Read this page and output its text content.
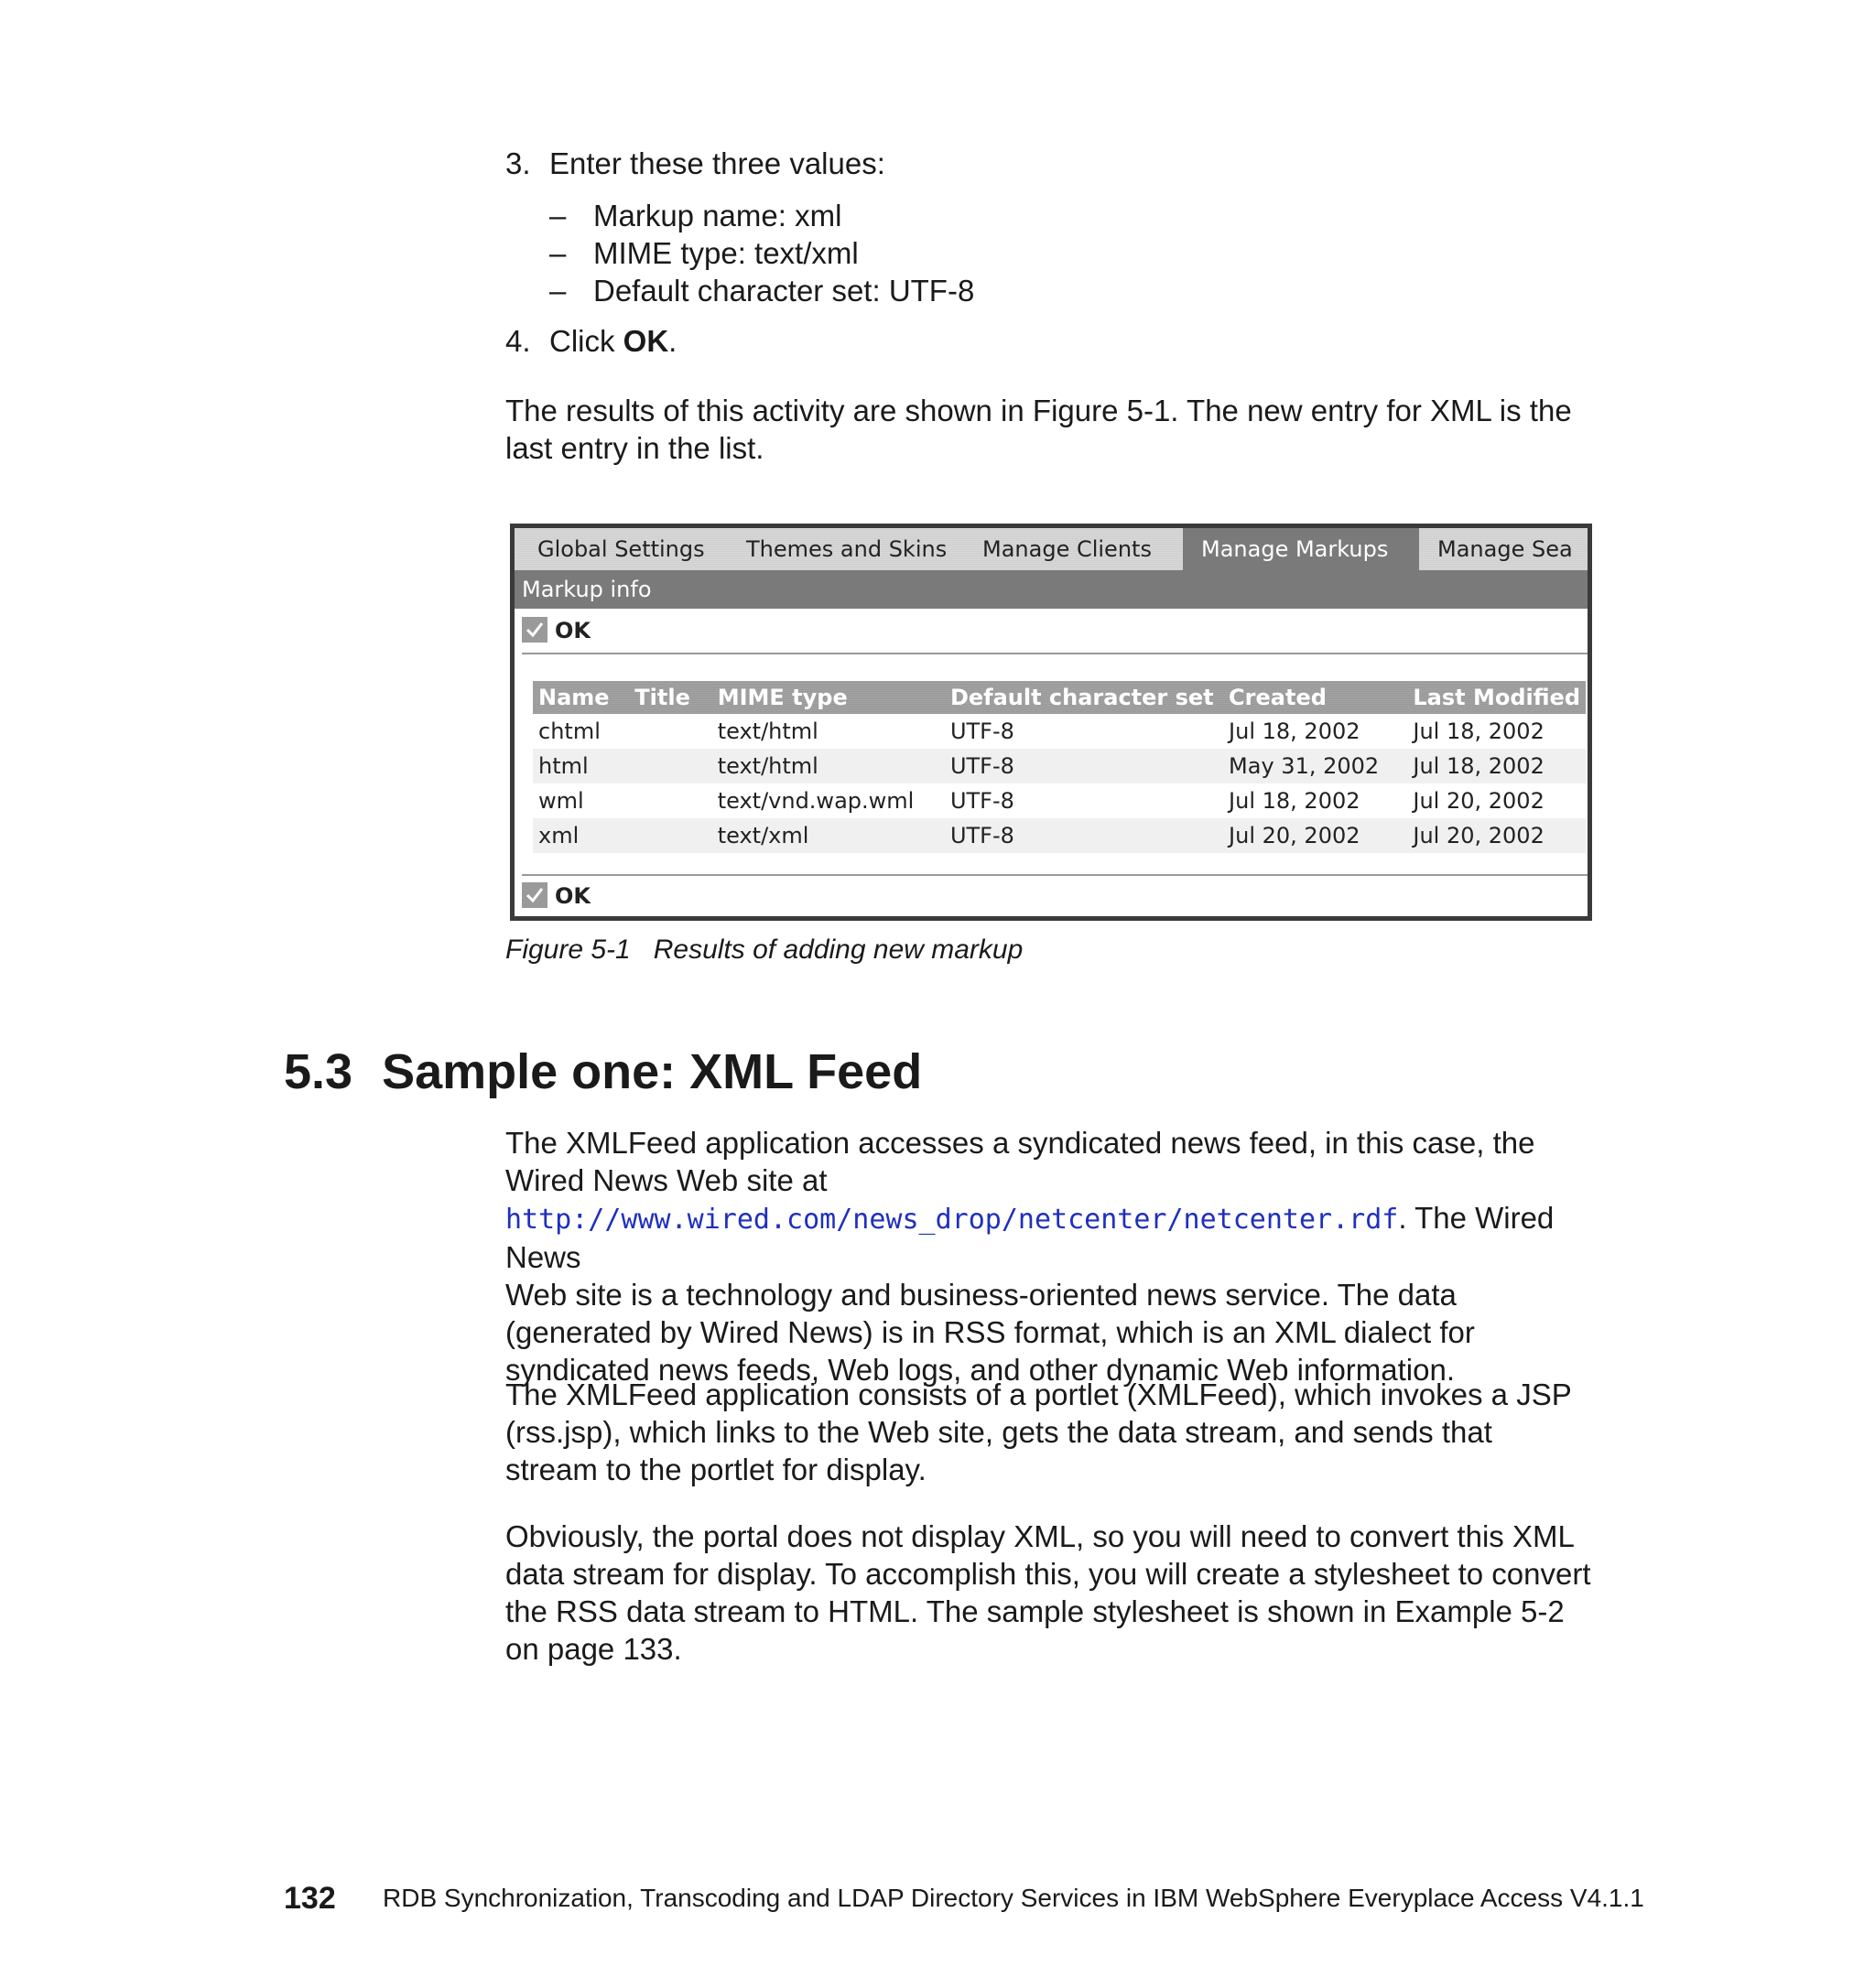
3. Enter these three values:
– Markup name: xml
– MIME type: text/xml
– Default character set: UTF-8
4. Click OK.
The results of this activity are shown in Figure 5-1. The new entry for XML is the
last entry in the list.
Global Settings	Themes and Skins	Manage Clients	Manage Markups	Manage Sea
Markup info
OK
Name	Title	MIME type	Default character set	Created	Last Modified
chtml		text/html	UTF-8	Jul 18, 2002	Jul 18, 2002
html		text/html	UTF-8	May 31, 2002	Jul 18, 2002
wml		text/vnd.wap.wml	UTF-8	Jul 18, 2002	Jul 20, 2002
xml		text/xml	UTF-8	Jul 20, 2002	Jul 20, 2002
OK
Figure 5-1   Results of adding new markup
5.3 Sample one: XML Feed
The XMLFeed application accesses a syndicated news feed, in this case, the
Wired News Web site at
http://www.wired.com/news_drop/netcenter/netcenter.rdf. The Wired News
Web site is a technology and business-oriented news service. The data
(generated by Wired News) is in RSS format, which is an XML dialect for
syndicated news feeds, Web logs, and other dynamic Web information.
The XMLFeed application consists of a portlet (XMLFeed), which invokes a JSP
(rss.jsp), which links to the Web site, gets the data stream, and sends that
stream to the portlet for display.
Obviously, the portal does not display XML, so you will need to convert this XML
data stream for display. To accomplish this, you will create a stylesheet to convert
the RSS data stream to HTML. The sample stylesheet is shown in Example 5-2
on page 133.
132 RDB Synchronization, Transcoding and LDAP Directory Services in IBM WebSphere Everyplace Access V4.1.1
